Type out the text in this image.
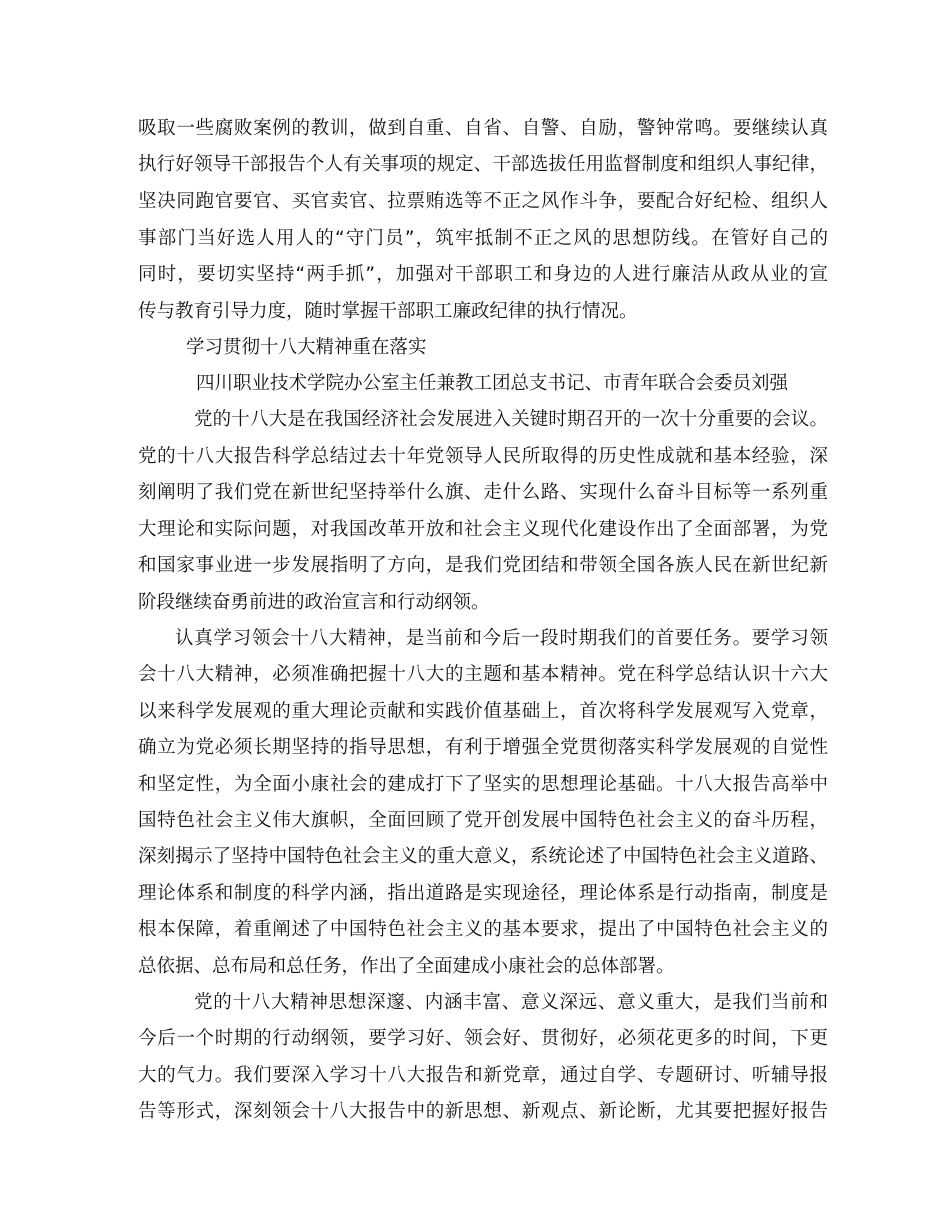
吸取一些腐败案例的教训，做到自重、自省、自警、自励，警钟常鸣。要继续认真

执行好领导干部报告个人有关事项的规定、干部选拔任用监督制度和组织人事纪律，

坚决同跑官要官、买官卖官、拉票贿选等不正之风作斗争，要配合好纪检、组织人

事部门当好选人用人的“守门员”，筑牢抵制不正之风的思想防线。在管好自己的

同时，要切实坚持“两手抓”，加强对干部职工和身边的人进行廉洁从政从业的宣

传与教育引导力度，随时掌握干部职工廉政纪律的执行情况。

学习贯彻十八大精神重在落实

四川职业技术学院办公室主任兼教工团总支书记、市青年联合会委员刘强

党的十八大是在我国经济社会发展进入关键时期召开的一次十分重要的会议。

党的十八大报告科学总结过去十年党领导人民所取得的历史性成就和基本经验，深

刻阐明了我们党在新世纪坚持举什么旗、走什么路、实现什么奋斗目标等一系列重

大理论和实际问题，对我国改革开放和社会主义现代化建设作出了全面部署，为党

和国家事业进一步发展指明了方向，是我们党团结和带领全国各族人民在新世纪新

阶段继续奋勇前进的政治宣言和行动纲领。

认真学习领会十八大精神，是当前和今后一段时期我们的首要任务。要学习领

会十八大精神，必须准确把握十八大的主题和基本精神。党在科学总结认识十六大

以来科学发展观的重大理论贡献和实践价值基础上，首次将科学发展观写入党章，

确立为党必须长期坚持的指导思想，有利于增强全党贯彻落实科学发展观的自觉性

和坚定性，为全面小康社会的建成打下了坚实的思想理论基础。十八大报告高举中

国特色社会主义伟大旗帜，全面回顾了党开创发展中国特色社会主义的奋斗历程，

深刻揭示了坚持中国特色社会主义的重大意义，系统论述了中国特色社会主义道路、

理论体系和制度的科学内涵，指出道路是实现途径，理论体系是行动指南，制度是

根本保障，着重阐述了中国特色社会主义的基本要求，提出了中国特色社会主义的

总依据、总布局和总任务，作出了全面建成小康社会的总体部署。

党的十八大精神思想深邃、内涵丰富、意义深远、意义重大，是我们当前和

今后一个时期的行动纲领，要学习好、领会好、贯彻好，必须花更多的时间，下更

大的气力。我们要深入学习十八大报告和新党章，通过自学、专题研讨、听辅导报

告等形式，深刻领会十八大报告中的新思想、新观点、新论断，尤其要把握好报告
